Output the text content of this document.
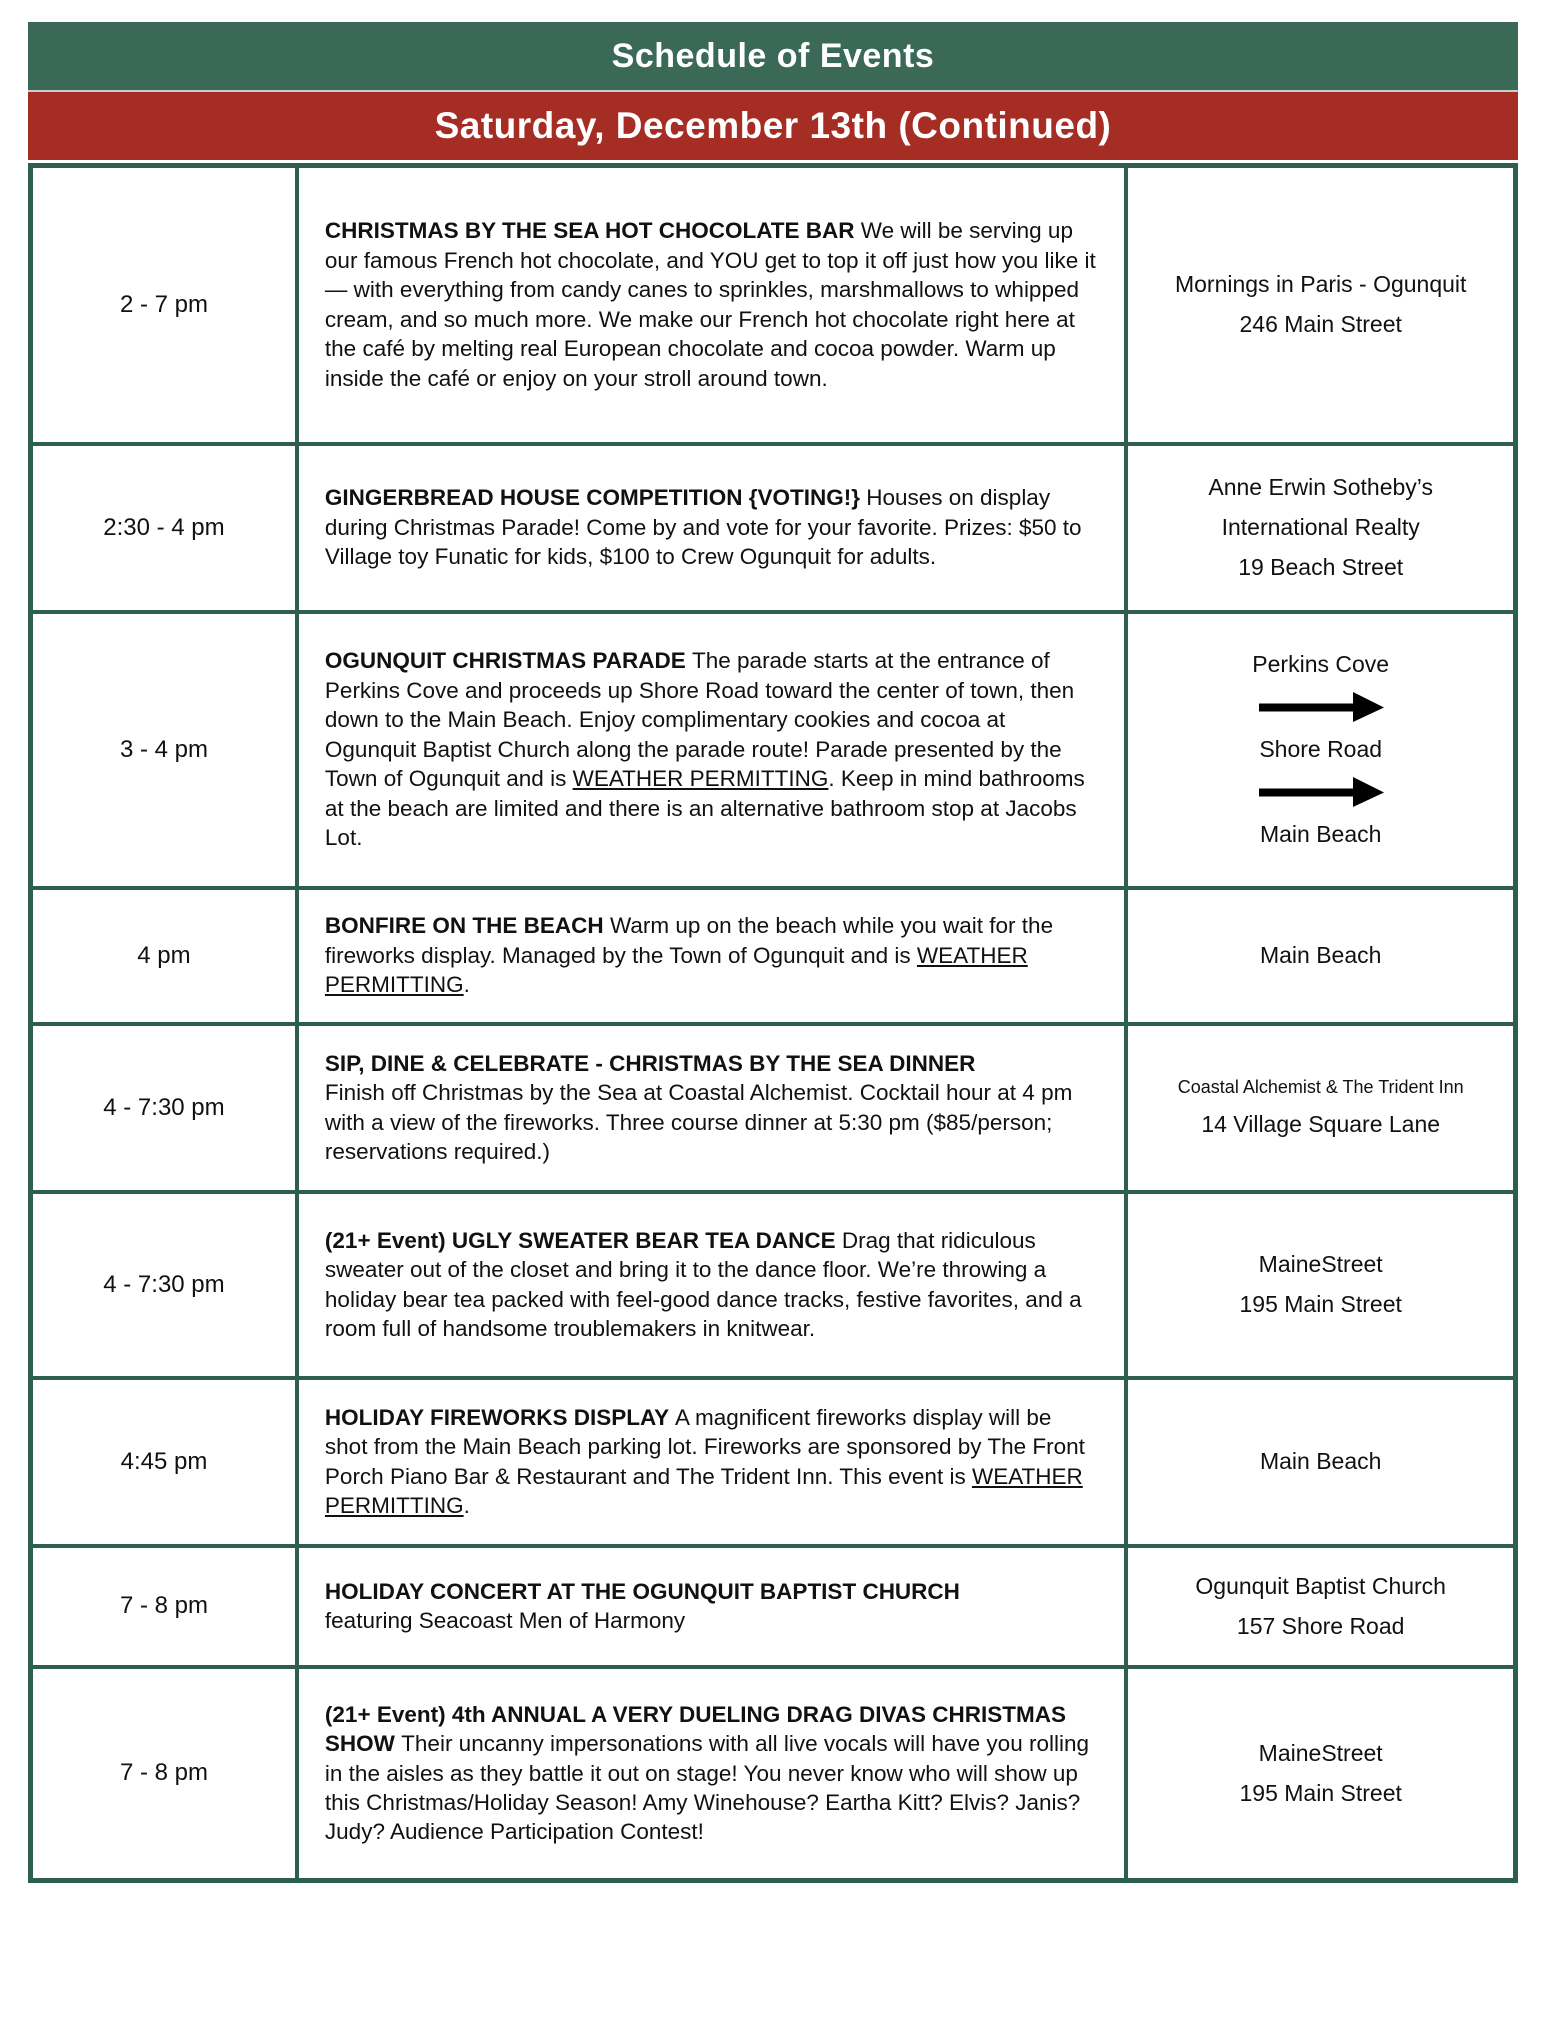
Schedule of Events
Saturday, December 13th (Continued)
2 - 7 pm	CHRISTMAS BY THE SEA HOT CHOCOLATE BAR We will be serving up our famous French hot chocolate, and YOU get to top it off just how you like it — with everything from candy canes to sprinkles, marshmallows to whipped cream, and so much more. We make our French hot chocolate right here at the café by melting real European chocolate and cocoa powder. Warm up inside the café or enjoy on your stroll around town.	Mornings in Paris - Ogunquit
246 Main Street

2:30 - 4 pm	GINGERBREAD HOUSE COMPETITION {VOTING!} Houses on display during Christmas Parade! Come by and vote for your favorite. Prizes: $50 to Village toy Funatic for kids, $100 to Crew Ogunquit for adults.	Anne Erwin Sotheby’s
International Realty
19 Beach Street

3 - 4 pm	OGUNQUIT CHRISTMAS PARADE The parade starts at the entrance of Perkins Cove and proceeds up Shore Road toward the center of town, then down to the Main Beach. Enjoy complimentary cookies and cocoa at Ogunquit Baptist Church along the parade route! Parade presented by the Town of Ogunquit and is WEATHER PERMITTING. Keep in mind bathrooms at the beach are limited and there is an alternative bathroom stop at Jacobs Lot.	
Perkins Cove
Shore Road
Main Beach

4 pm	BONFIRE ON THE BEACH Warm up on the beach while you wait for the fireworks display. Managed by the Town of Ogunquit and is WEATHER PERMITTING.	Main Beach

4 - 7:30 pm	SIP, DINE & CELEBRATE - CHRISTMAS BY THE SEA DINNER
Finish off Christmas by the Sea at Coastal Alchemist. Cocktail hour at 4 pm with a view of the fireworks. Three course dinner at 5:30 pm ($85/person; reservations required.)	
Coastal Alchemist & The Trident Inn
14 Village Square Lane

4 - 7:30 pm	(21+ Event) UGLY SWEATER BEAR TEA DANCE Drag that ridiculous sweater out of the closet and bring it to the dance floor. We’re throwing a holiday bear tea packed with feel-good dance tracks, festive favorites, and a room full of handsome troublemakers in knitwear.	MaineStreet
195 Main Street

4:45 pm	HOLIDAY FIREWORKS DISPLAY A magnificent fireworks display will be shot from the Main Beach parking lot. Fireworks are sponsored by The Front Porch Piano Bar & Restaurant and The Trident Inn. This event is WEATHER PERMITTING.	Main Beach

7 - 8 pm	HOLIDAY CONCERT AT THE OGUNQUIT BAPTIST CHURCH
featuring Seacoast Men of Harmony	
Ogunquit Baptist Church
157 Shore Road

7 - 8 pm	(21+ Event) 4th ANNUAL A VERY DUELING DRAG DIVAS CHRISTMAS SHOW Their uncanny impersonations with all live vocals will have you rolling in the aisles as they battle it out on stage! You never know who will show up this Christmas/Holiday Season! Amy Winehouse? Eartha Kitt? Elvis? Janis? Judy? Audience Participation Contest!	MaineStreet
195 Main Street
